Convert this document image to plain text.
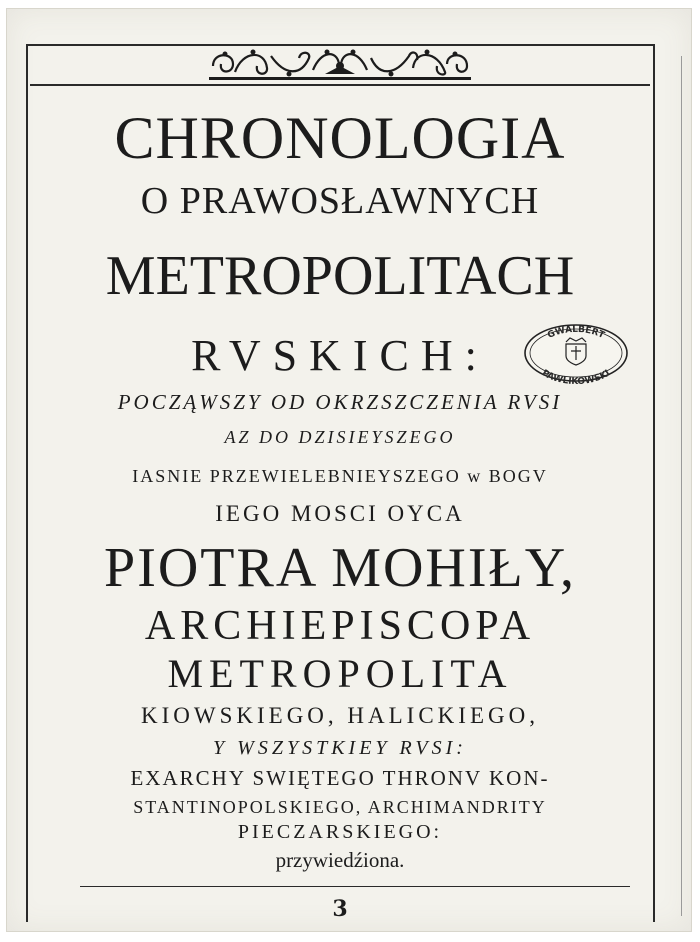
CHRONOLOGIA
O PRAWOSŁAWNYCH
METROPOLITACH
RVSKICH:
POCZĄWSZY OD OKRZSZCZENIA RVSI
AZ DO DZISIEYSZEGO
IASNIE PRZEWIELEBNIEYSZEGO w BOGV
IEGO MOSCI OYCA
PIOTRA MOHIŁY,
ARCHIEPISCOPA
METROPOLITA
KIOWSKIEGO, HALICKIEGO,
Y WSZYSTKIEY RVSI:
EXARCHY SWIĘTEGO THRONV KON-
STANTINOPOLSKIEGO, ARCHIMANDRITY
PIECZARSKIEGO:
przywiedźiona.
3
GWALBERT
PAWLIKOWSKI
